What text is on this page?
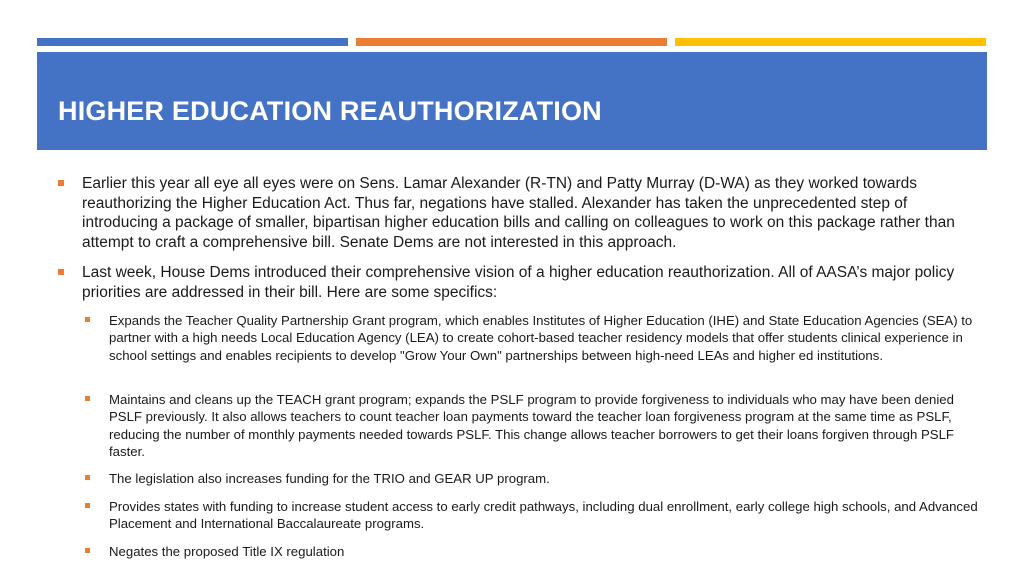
HIGHER EDUCATION REAUTHORIZATION

Earlier this year all eye all eyes were on Sens. Lamar Alexander (R-TN) and Patty Murray (D-WA) as they worked towards reauthorizing the Higher Education Act. Thus far, negations have stalled. Alexander has taken the unprecedented step of introducing a package of smaller, bipartisan higher education bills and calling on colleagues to work on this package rather than attempt to craft a comprehensive bill. Senate Dems are not interested in this approach.

Last week, House Dems introduced their comprehensive vision of a higher education reauthorization. All of AASA’s major policy priorities are addressed in their bill. Here are some specifics:

Expands the Teacher Quality Partnership Grant program, which enables Institutes of Higher Education (IHE) and State Education Agencies (SEA) to partner with a high needs Local Education Agency (LEA) to create cohort-based teacher residency models that offer students clinical experience in school settings and enables recipients to develop "Grow Your Own" partnerships between high-need LEAs and higher ed institutions.

Maintains and cleans up the TEACH grant program; expands the PSLF program to provide forgiveness to individuals who may have been denied PSLF previously. It also allows teachers to count teacher loan payments toward the teacher loan forgiveness program at the same time as PSLF, reducing the number of monthly payments needed towards PSLF. This change allows teacher borrowers to get their loans forgiven through PSLF faster.

The legislation also increases funding for the TRIO and GEAR UP program.

Provides states with funding to increase student access to early credit pathways, including dual enrollment, early college high schools, and Advanced Placement and International Baccalaureate programs.

Negates the proposed Title IX regulation
